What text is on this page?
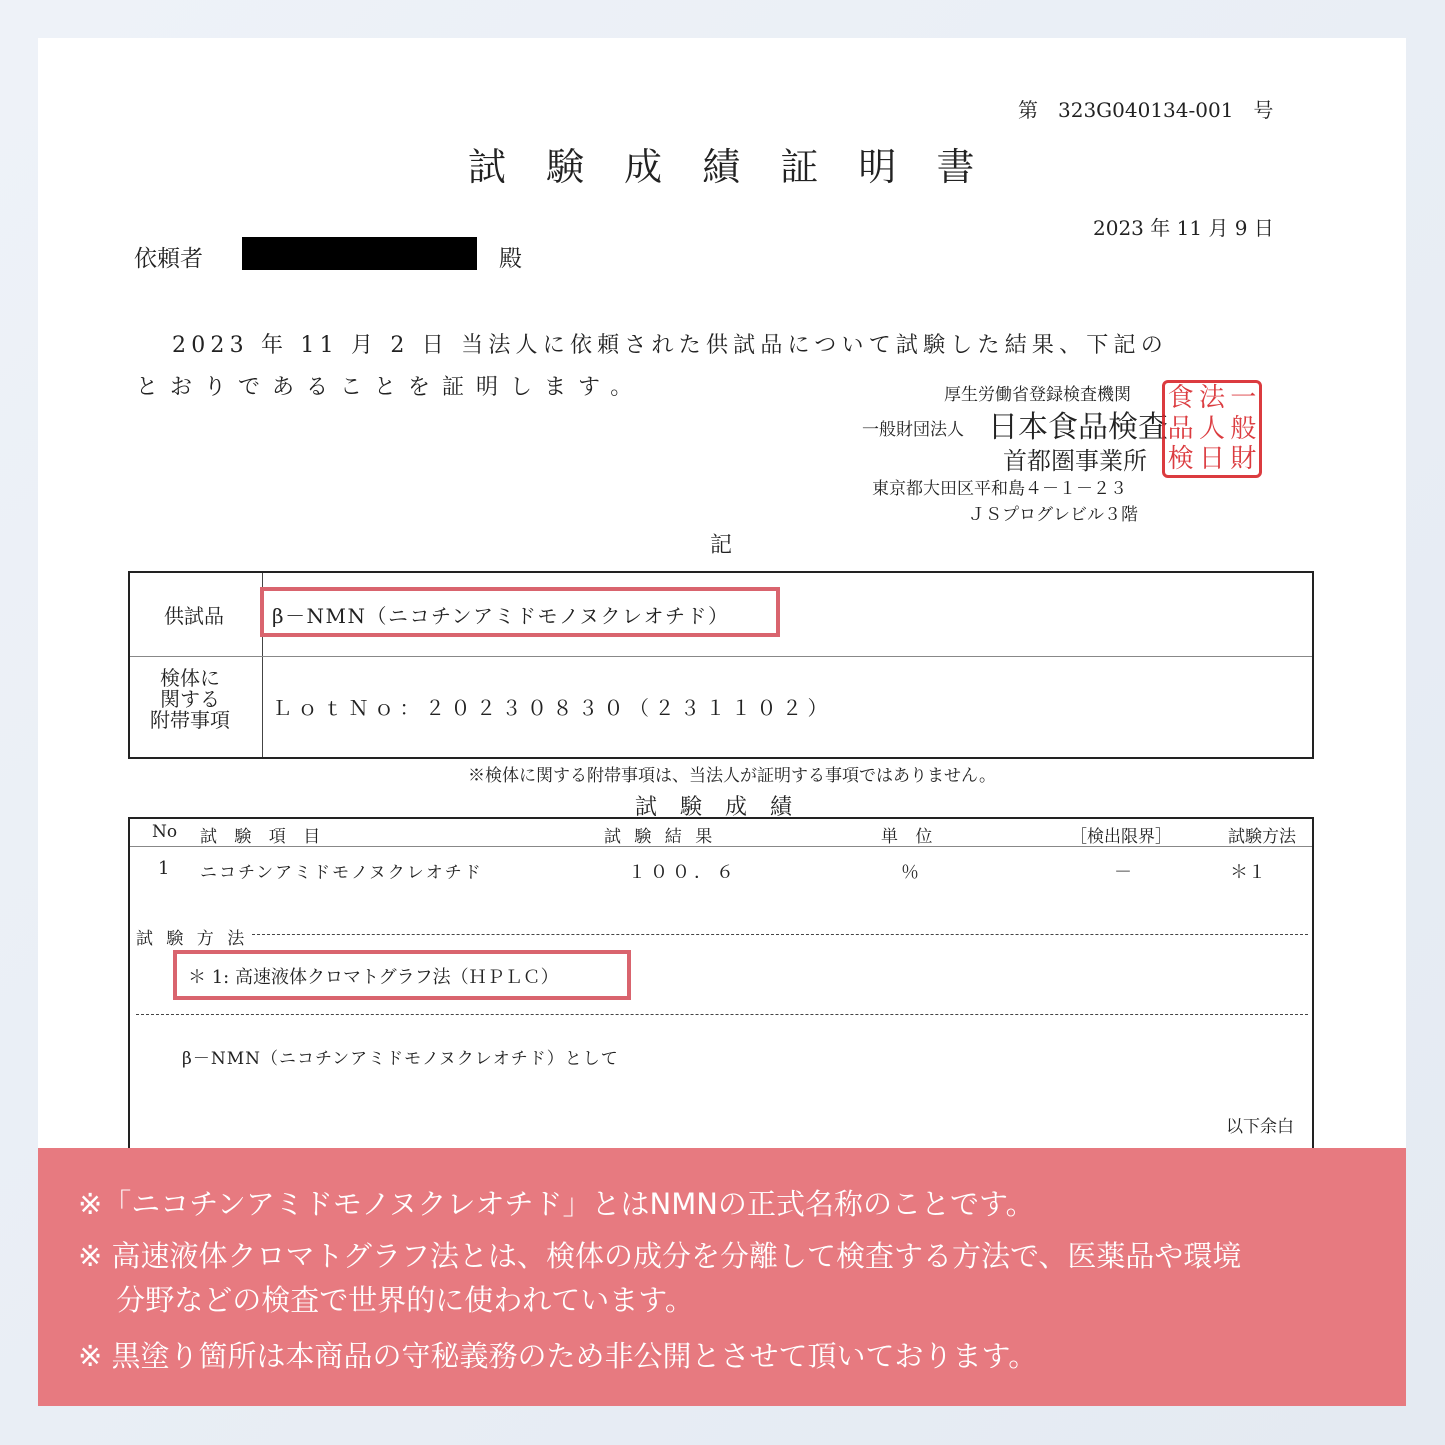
第　323G040134-001　号
試 験 成 績 証 明 書
2023 年 11 月 9 日
依頼者	殿
2023 年 11 月 2 日 当法人に依頼された供試品について試験した結果、下記の
とおりであることを証明します。	厚生労働省登録検査機関
一般財団法人 日本食品検査
首都圏事業所
東京都大田区平和島４－１－２３
ＪＳプログレビル３階
食 法 一
品 人 般
検 日 財
記
供試品 β－NMN（ニコチンアミドモノヌクレオチド）
検体に
関する
附帯事項 ＬｏｔＮｏ：２０２３０８３０（２３１１０２）
※検体に関する附帯事項は、当法人が証明する事項ではありません。
試 験 成 績
No 試 験 項 目	試 験 結 果	単 位	［検出限界］	試験方法
1 ニコチンアミドモノヌクレオチド	１００．６	％	－	＊１
試 験 方 法
＊ 1: 高速液体クロマトグラフ法（ＨＰＬＣ）
β－NMN（ニコチンアミドモノヌクレオチド）として
以下余白

※「ニコチンアミドモノヌクレオチド」とはNMNの正式名称のことです。

※ 高速液体クロマトグラフ法とは、検体の成分を分離して検査する方法で、医薬品や環境

　 分野などの検査で世界的に使われています。

※ 黒塗り箇所は本商品の守秘義務のため非公開とさせて頂いております。
